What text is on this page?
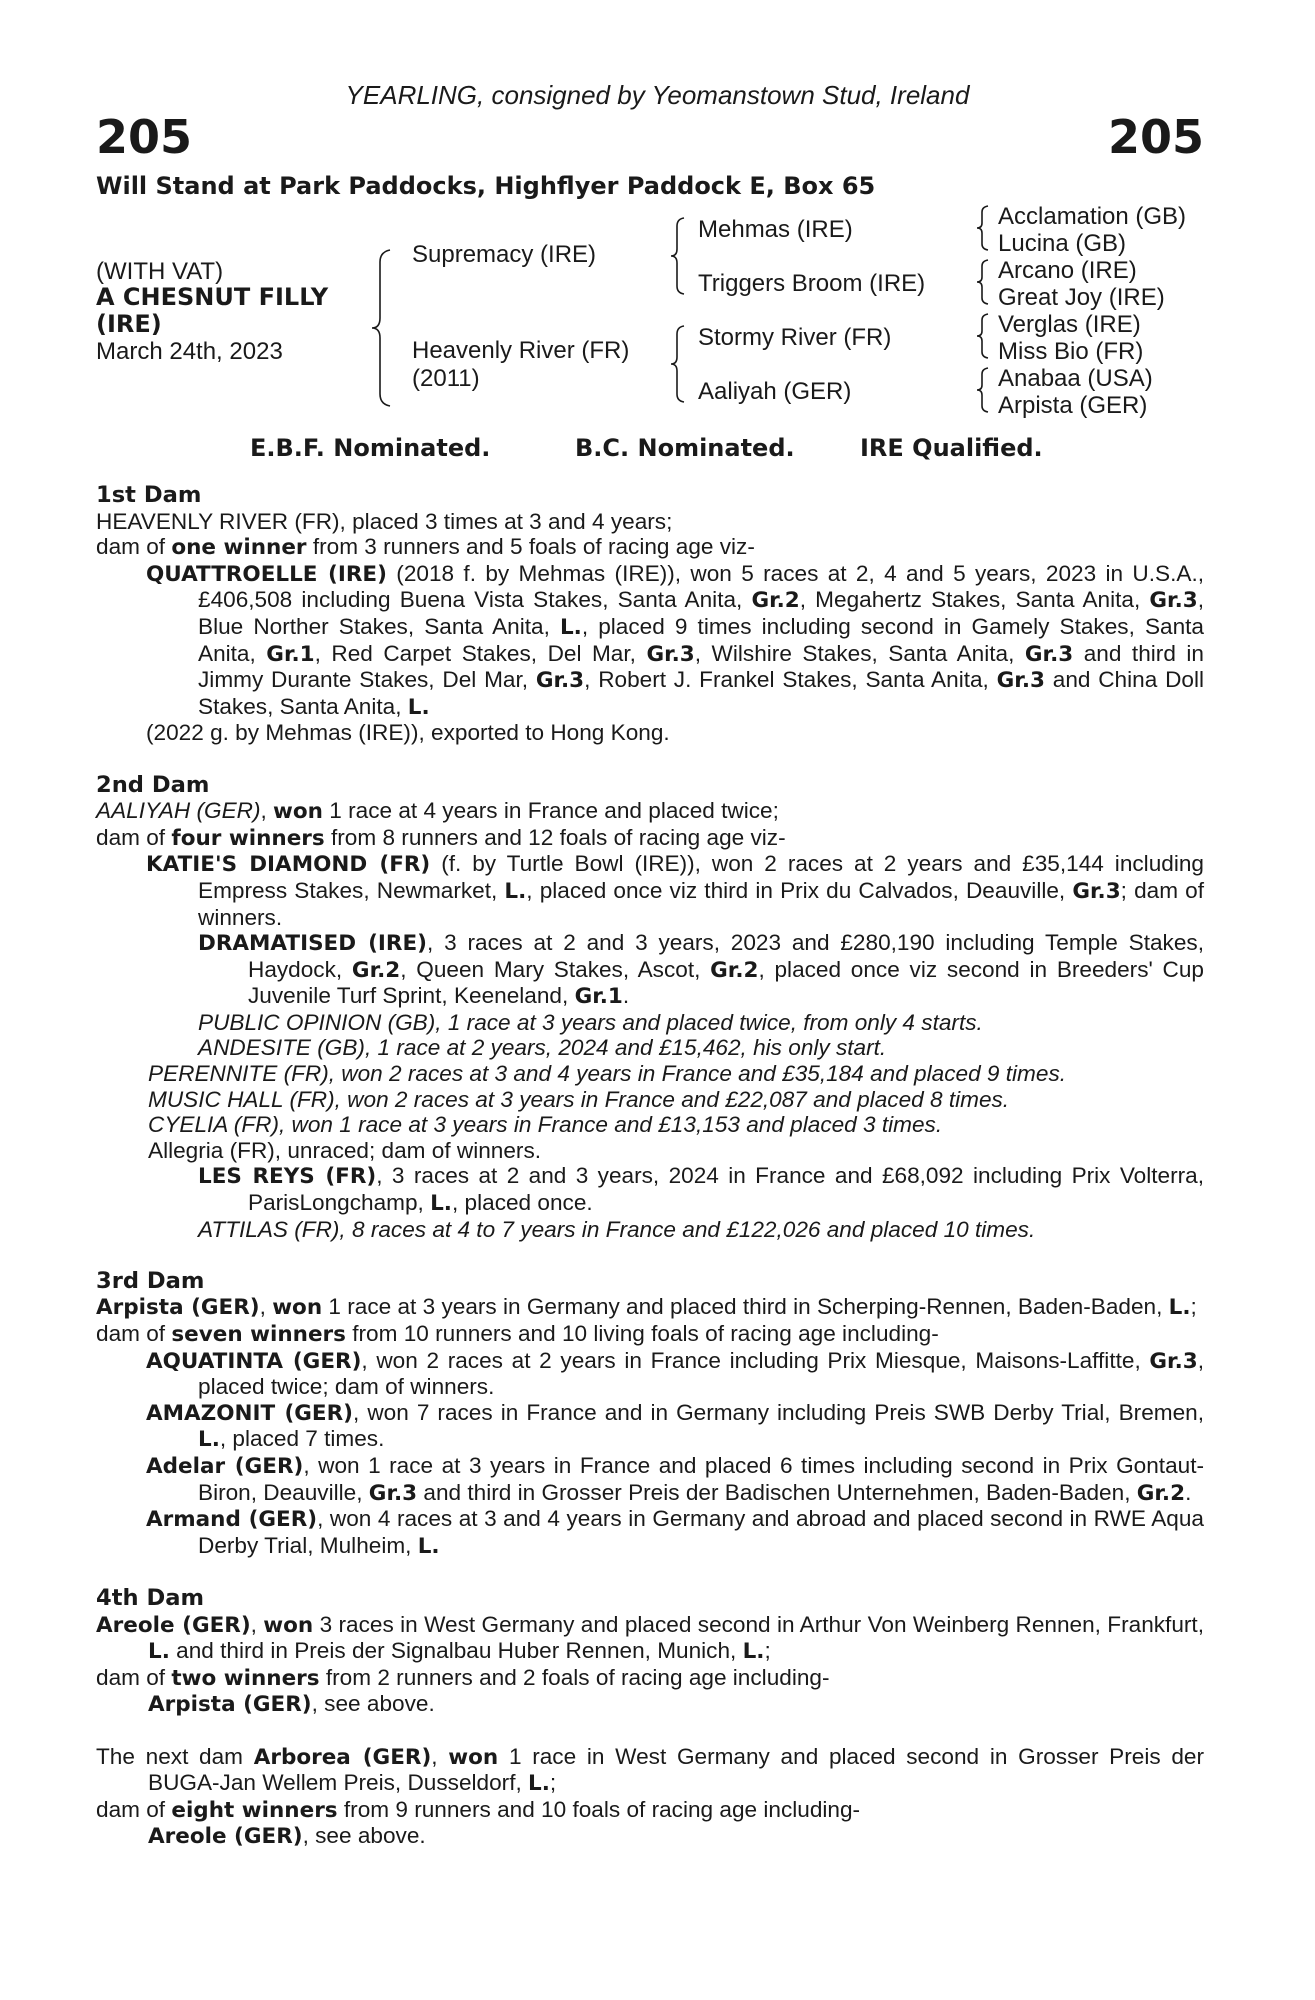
YEARLING, consigned by Yeomanstown Stud, Ireland
205	205
Will Stand at Park Paddocks, Highflyer Paddock E, Box 65
(WITH VAT)
A CHESNUT FILLY
(IRE)
March 24th, 2023
Supremacy (IRE)
Heavenly River (FR)
(2011)
Mehmas (IRE)
Triggers Broom (IRE)
Stormy River (FR)
Aaliyah (GER)
Acclamation (GB)
Lucina (GB)
Arcano (IRE)
Great Joy (IRE)
Verglas (IRE)
Miss Bio (FR)
Anabaa (USA)
Arpista (GER)
E.B.F. Nominated.	B.C. Nominated.	IRE Qualified.

1st Dam

HEAVENLY RIVER (FR), placed 3 times at 3 and 4 years;

dam of one winner from 3 runners and 5 foals of racing age viz-

QUATTROELLE (IRE) (2018 f. by Mehmas (IRE)), won 5 races at 2, 4 and 5 years, 2023 in U.S.A., £406,508 including Buena Vista Stakes, Santa Anita, Gr.2, Megahertz Stakes, Santa Anita, Gr.3, Blue Norther Stakes, Santa Anita, L., placed 9 times including second in Gamely Stakes, Santa Anita, Gr.1, Red Carpet Stakes, Del Mar, Gr.3, Wilshire Stakes, Santa Anita, Gr.3 and third in Jimmy Durante Stakes, Del Mar, Gr.3, Robert J. Frankel Stakes, Santa Anita, Gr.3 and China Doll Stakes, Santa Anita, L.

(2022 g. by Mehmas (IRE)), exported to Hong Kong.

2nd Dam

AALIYAH (GER), won 1 race at 4 years in France and placed twice;

dam of four winners from 8 runners and 12 foals of racing age viz-

KATIE'S DIAMOND (FR) (f. by Turtle Bowl (IRE)), won 2 races at 2 years and £35,144 including Empress Stakes, Newmarket, L., placed once viz third in Prix du Calvados, Deauville, Gr.3; dam of winners.

DRAMATISED (IRE), 3 races at 2 and 3 years, 2023 and £280,190 including Temple Stakes, Haydock, Gr.2, Queen Mary Stakes, Ascot, Gr.2, placed once viz second in Breeders' Cup Juvenile Turf Sprint, Keeneland, Gr.1.

PUBLIC OPINION (GB), 1 race at 3 years and placed twice, from only 4 starts.

ANDESITE (GB), 1 race at 2 years, 2024 and £15,462, his only start.

PERENNITE (FR), won 2 races at 3 and 4 years in France and £35,184 and placed 9 times.

MUSIC HALL (FR), won 2 races at 3 years in France and £22,087 and placed 8 times.

CYELIA (FR), won 1 race at 3 years in France and £13,153 and placed 3 times.

Allegria (FR), unraced; dam of winners.

LES REYS (FR), 3 races at 2 and 3 years, 2024 in France and £68,092 including Prix Volterra, ParisLongchamp, L., placed once.

ATTILAS (FR), 8 races at 4 to 7 years in France and £122,026 and placed 10 times.

3rd Dam

Arpista (GER), won 1 race at 3 years in Germany and placed third in Scherping-Rennen, Baden-Baden, L.;

dam of seven winners from 10 runners and 10 living foals of racing age including-

AQUATINTA (GER), won 2 races at 2 years in France including Prix Miesque, Maisons-Laffitte, Gr.3, placed twice; dam of winners.

AMAZONIT (GER), won 7 races in France and in Germany including Preis SWB Derby Trial, Bremen, L., placed 7 times.

Adelar (GER), won 1 race at 3 years in France and placed 6 times including second in Prix Gontaut-Biron, Deauville, Gr.3 and third in Grosser Preis der Badischen Unternehmen, Baden-Baden, Gr.2.

Armand (GER), won 4 races at 3 and 4 years in Germany and abroad and placed second in RWE Aqua Derby Trial, Mulheim, L.

4th Dam

Areole (GER), won 3 races in West Germany and placed second in Arthur Von Weinberg Rennen, Frankfurt, L. and third in Preis der Signalbau Huber Rennen, Munich, L.;

dam of two winners from 2 runners and 2 foals of racing age including-

Arpista (GER), see above.

The next dam Arborea (GER), won 1 race in West Germany and placed second in Grosser Preis der BUGA-Jan Wellem Preis, Dusseldorf, L.;

dam of eight winners from 9 runners and 10 foals of racing age including-

Areole (GER), see above.
